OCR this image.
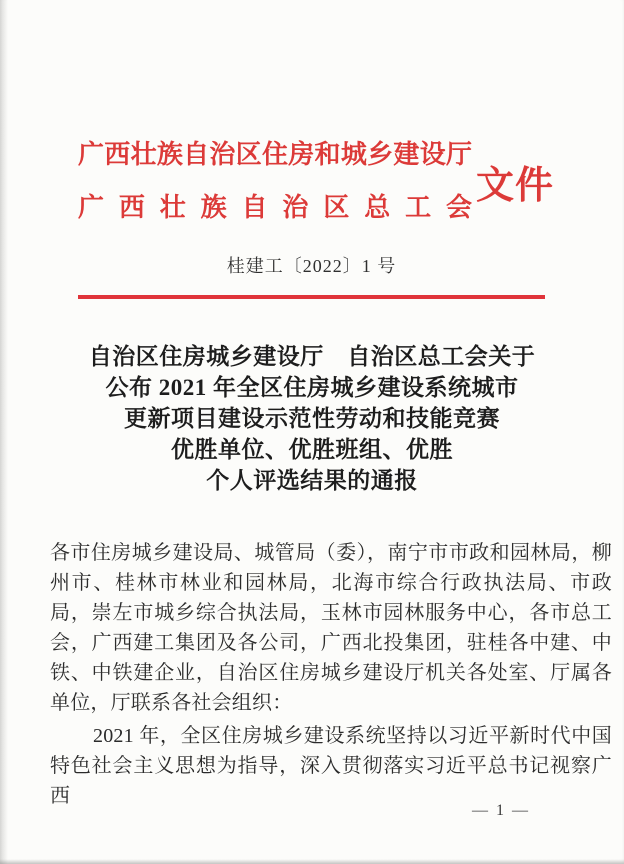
广西壮族自治区住房和城乡建设厅
广西壮族自治区总工会
文件
桂建工〔2022〕1 号
自治区住房城乡建设厅　自治区总工会关于
公布 2021 年全区住房城乡建设系统城市
更新项目建设示范性劳动和技能竞赛
优胜单位、优胜班组、优胜
个人评选结果的通报

各市住房城乡建设局、城管局（委），南宁市市政和园林局，柳州市、桂林市林业和园林局，北海市综合行政执法局、市政局，崇左市城乡综合执法局，玉林市园林服务中心，各市总工会，广西建工集团及各公司，广西北投集团，驻桂各中建、中铁、中铁建企业，自治区住房城乡建设厅机关各处室、厅属各单位，厅联系各社会组织：

2021 年，全区住房城乡建设系统坚持以习近平新时代中国特色社会主义思想为指导，深入贯彻落实习近平总书记视察广西

— 1 —
